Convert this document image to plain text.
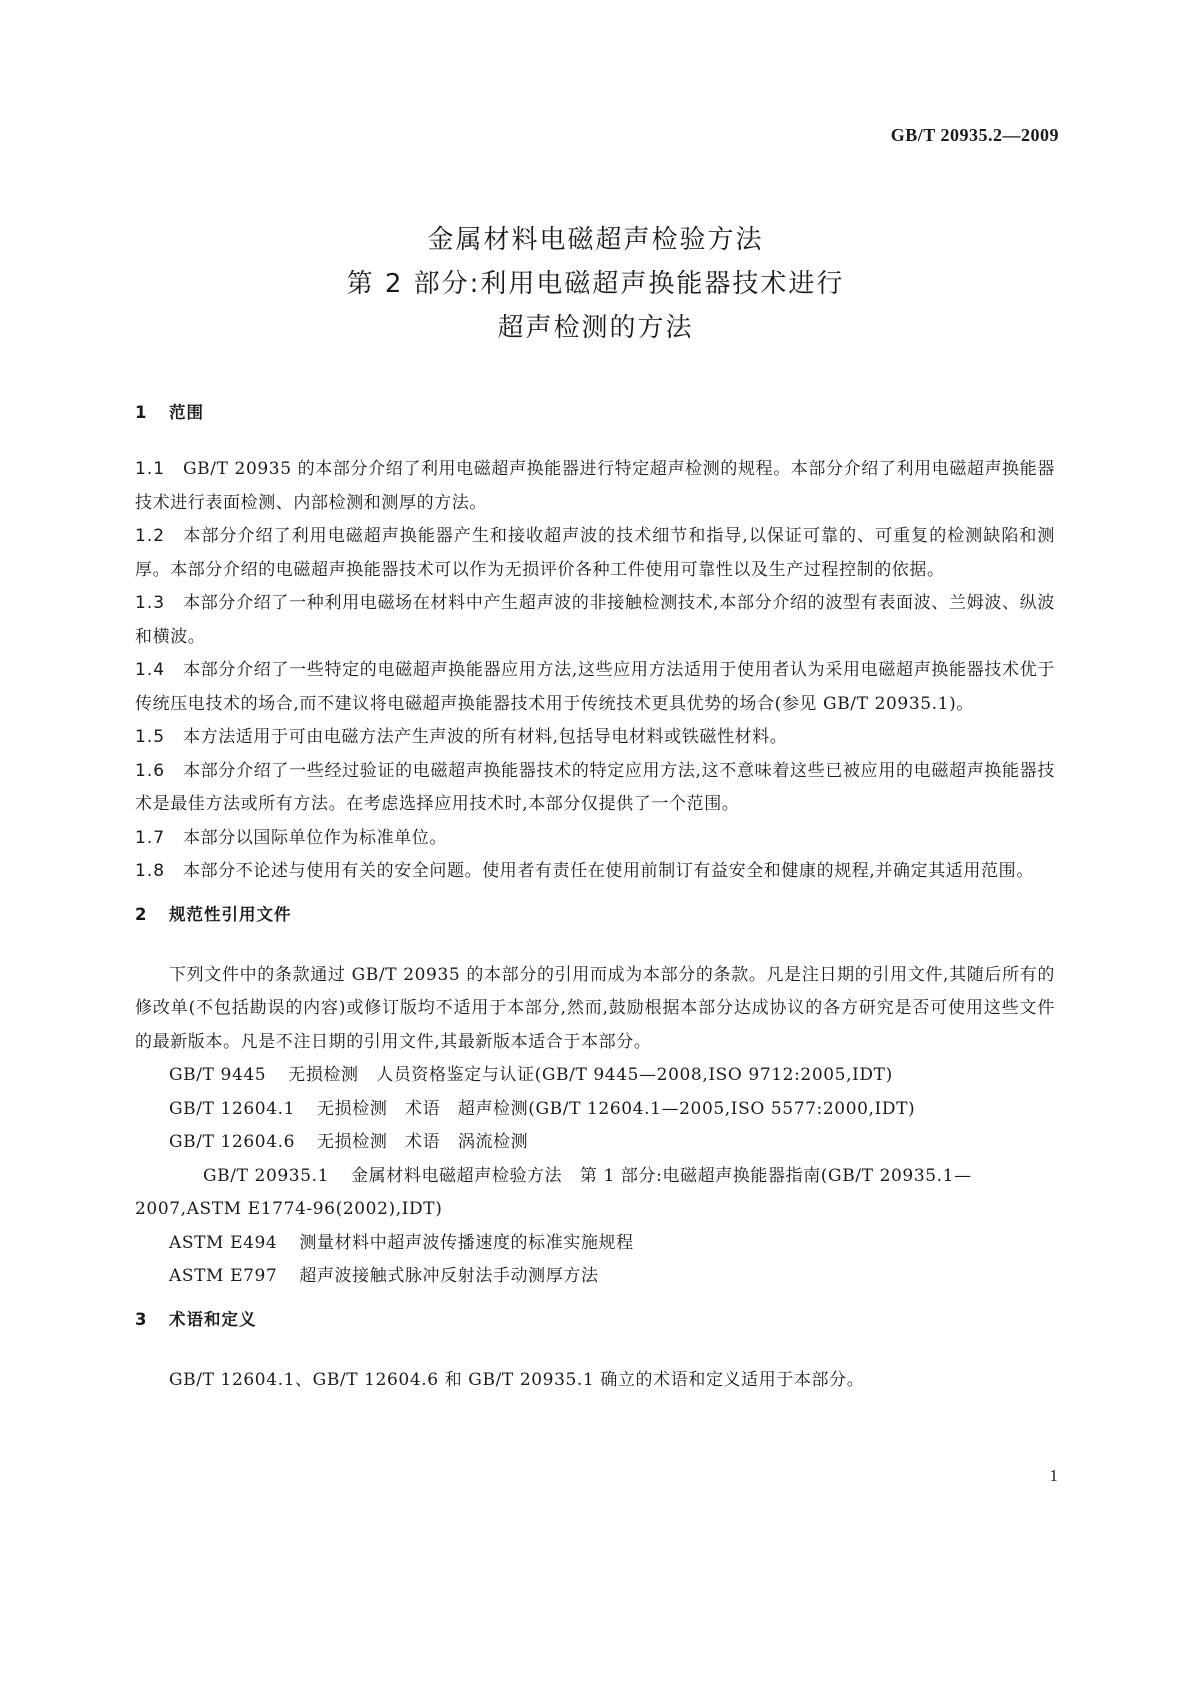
GB/T 20935.2—2009
金属材料电磁超声检验方法
第 2 部分:利用电磁超声换能器技术进行
超声检测的方法
1 范围

1.1 GB/T 20935 的本部分介绍了利用电磁超声换能器进行特定超声检测的规程。本部分介绍了利用电磁超声换能器技术进行表面检测、内部检测和测厚的方法。

1.2 本部分介绍了利用电磁超声换能器产生和接收超声波的技术细节和指导,以保证可靠的、可重复的检测缺陷和测厚。本部分介绍的电磁超声换能器技术可以作为无损评价各种工件使用可靠性以及生产过程控制的依据。

1.3 本部分介绍了一种利用电磁场在材料中产生超声波的非接触检测技术,本部分介绍的波型有表面波、兰姆波、纵波和横波。

1.4 本部分介绍了一些特定的电磁超声换能器应用方法,这些应用方法适用于使用者认为采用电磁超声换能器技术优于传统压电技术的场合,而不建议将电磁超声换能器技术用于传统技术更具优势的场合(参见 GB/T 20935.1)。

1.5 本方法适用于可由电磁方法产生声波的所有材料,包括导电材料或铁磁性材料。

1.6 本部分介绍了一些经过验证的电磁超声换能器技术的特定应用方法,这不意味着这些已被应用的电磁超声换能器技术是最佳方法或所有方法。在考虑选择应用技术时,本部分仅提供了一个范围。

1.7 本部分以国际单位作为标准单位。

1.8 本部分不论述与使用有关的安全问题。使用者有责任在使用前制订有益安全和健康的规程,并确定其适用范围。

2 规范性引用文件

下列文件中的条款通过 GB/T 20935 的本部分的引用而成为本部分的条款。凡是注日期的引用文件,其随后所有的修改单(不包括勘误的内容)或修订版均不适用于本部分,然而,鼓励根据本部分达成协议的各方研究是否可使用这些文件的最新版本。凡是不注日期的引用文件,其最新版本适合于本部分。

GB/T 9445 无损检测　人员资格鉴定与认证(GB/T 9445—2008,ISO 9712:2005,IDT)

GB/T 12604.1 无损检测　术语　超声检测(GB/T 12604.1—2005,ISO 5577:2000,IDT)

GB/T 12604.6 无损检测　术语　涡流检测

GB/T 20935.1 金属材料电磁超声检验方法　第 1 部分:电磁超声换能器指南(GB/T 20935.1—2007,ASTM E1774-96(2002),IDT)

ASTM E494 测量材料中超声波传播速度的标准实施规程

ASTM E797 超声波接触式脉冲反射法手动测厚方法

3 术语和定义

GB/T 12604.1、GB/T 12604.6 和 GB/T 20935.1 确立的术语和定义适用于本部分。

1
